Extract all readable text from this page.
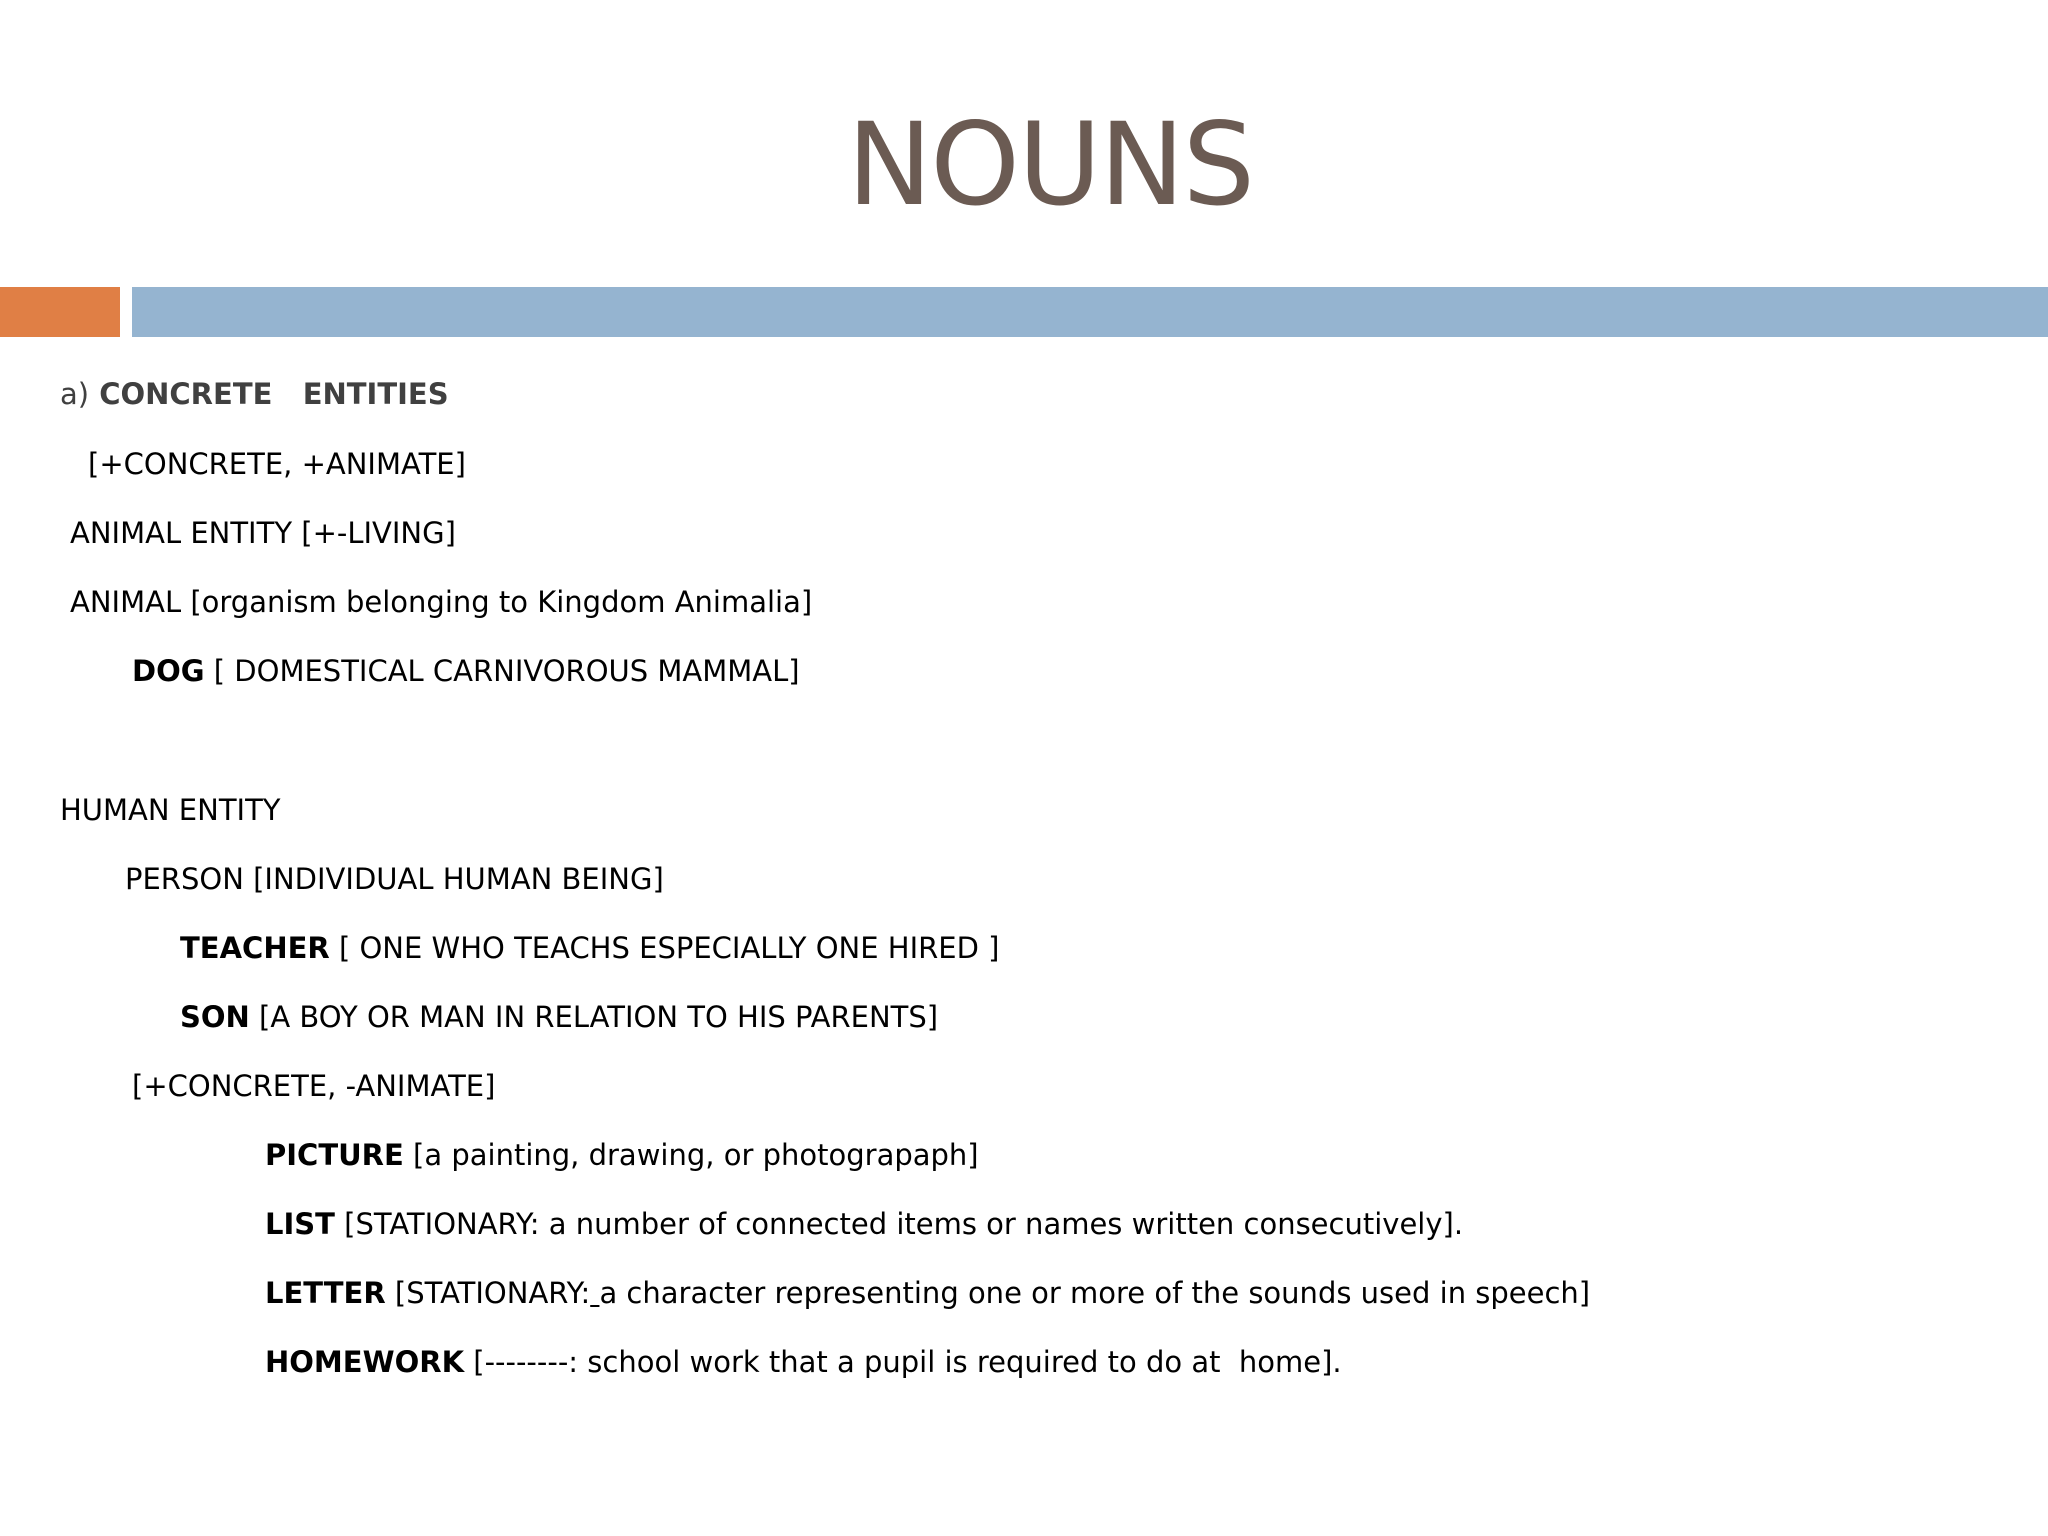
NOUNS
a) CONCRETE   ENTITIES
[+CONCRETE, +ANIMATE]
ANIMAL ENTITY [+-LIVING]
ANIMAL [organism belonging to Kingdom Animalia]
DOG [ DOMESTICAL CARNIVOROUS MAMMAL]
HUMAN ENTITY
PERSON [INDIVIDUAL HUMAN BEING]
TEACHER [ ONE WHO TEACHS ESPECIALLY ONE HIRED ]
SON [A BOY OR MAN IN RELATION TO HIS PARENTS]
[+CONCRETE, -ANIMATE]
PICTURE [a painting, drawing, or photograpaph]
LIST [STATIONARY: a number of connected items or names written consecutively].
LETTER [STATIONARY: a character representing one or more of the sounds used in speech]
HOMEWORK [--------: school work that a pupil is required to do at  home].
